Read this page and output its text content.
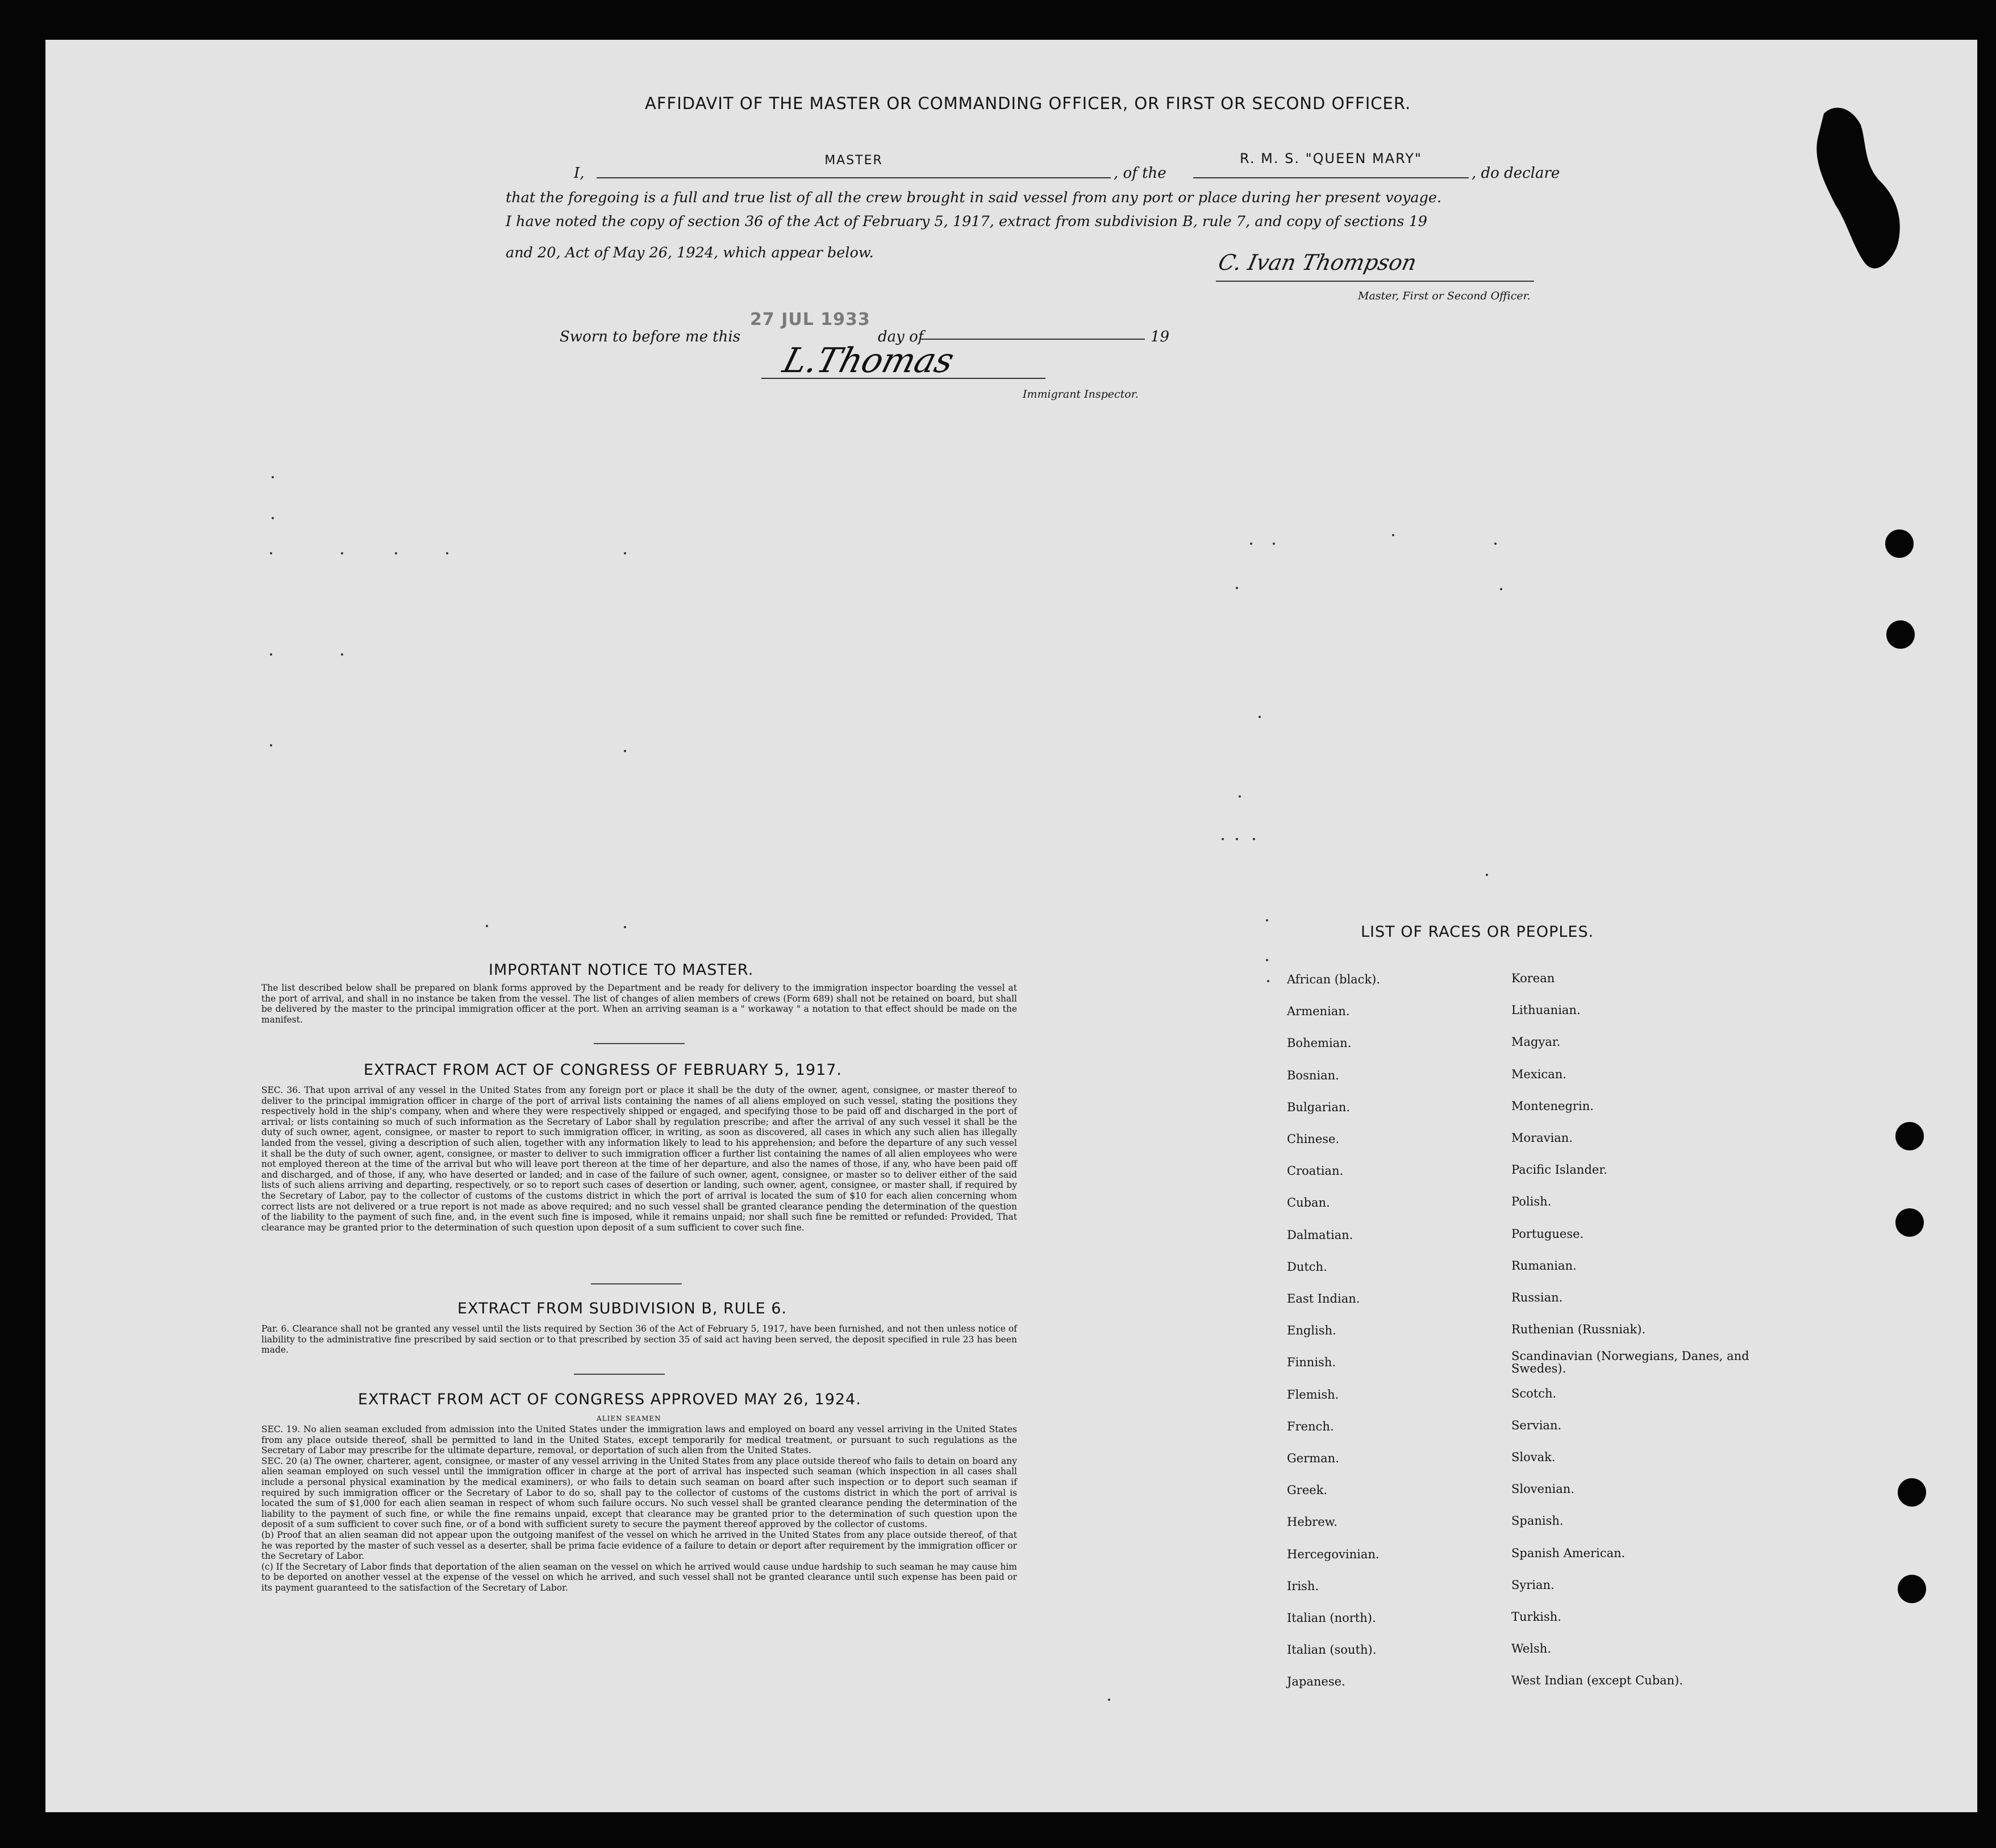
AFFIDAVIT OF THE MASTER OR COMMANDING OFFICER, OR FIRST OR SECOND OFFICER.
I,
MASTER
, of the
R. M. S. "QUEEN MARY"
, do declare
that the foregoing is a full and true list of all the crew brought in said vessel from any port or place during her present voyage.
I have noted the copy of section 36 of the Act of February 5, 1917, extract from subdivision B, rule 7, and copy of sections 19
and 20, Act of May 26, 1924, which appear below.	C. Ivan Thompson
Master, First or Second Officer.
Sworn to before me this
27 JUL 1933
day of	19
L.Thomas
Immigrant Inspector.
IMPORTANT NOTICE TO MASTER.
The list described below shall be prepared on blank forms approved by the Department and be ready for delivery to the immigration inspector boarding the vessel at the port of arrival, and shall in no instance be taken from the vessel. The list of changes of alien members of crews (Form 689) shall not be retained on board, but shall be delivered by the master to the principal immigration officer at the port. When an arriving seaman is a " workaway " a notation to that effect should be made on the manifest.
EXTRACT FROM ACT OF CONGRESS OF FEBRUARY 5, 1917.
SEC. 36. That upon arrival of any vessel in the United States from any foreign port or place it shall be the duty of the owner, agent, consignee, or master thereof to deliver to the principal immigration officer in charge of the port of arrival lists containing the names of all aliens employed on such vessel, stating the positions they respectively hold in the ship's company, when and where they were respectively shipped or engaged, and specifying those to be paid off and discharged in the port of arrival; or lists containing so much of such information as the Secretary of Labor shall by regulation prescribe; and after the arrival of any such vessel it shall be the duty of such owner, agent, consignee, or master to report to such immigration officer, in writing, as soon as discovered, all cases in which any such alien has illegally landed from the vessel, giving a description of such alien, together with any information likely to lead to his apprehension; and before the departure of any such vessel it shall be the duty of such owner, agent, consignee, or master to deliver to such immigration officer a further list containing the names of all alien employees who were not employed thereon at the time of the arrival but who will leave port thereon at the time of her departure, and also the names of those, if any, who have been paid off and discharged, and of those, if any, who have deserted or landed; and in case of the failure of such owner, agent, consignee, or master so to deliver either of the said lists of such aliens arriving and departing, respectively, or so to report such cases of desertion or landing, such owner, agent, consignee, or master shall, if required by the Secretary of Labor, pay to the collector of customs of the customs district in which the port of arrival is located the sum of $10 for each alien concerning whom correct lists are not delivered or a true report is not made as above required; and no such vessel shall be granted clearance pending the determination of the question of the liability to the payment of such fine, and, in the event such fine is imposed, while it remains unpaid; nor shall such fine be remitted or refunded: Provided, That clearance may be granted prior to the determination of such question upon deposit of a sum sufficient to cover such fine.
EXTRACT FROM SUBDIVISION B, RULE 6.
Par. 6. Clearance shall not be granted any vessel until the lists required by Section 36 of the Act of February 5, 1917, have been furnished, and not then unless notice of liability to the administrative fine prescribed by said section or to that prescribed by section 35 of said act having been served, the deposit specified in rule 23 has been made.
EXTRACT FROM ACT OF CONGRESS APPROVED MAY 26, 1924.
ALIEN SEAMEN
SEC. 19. No alien seaman excluded from admission into the United States under the immigration laws and employed on board any vessel arriving in the United States from any place outside thereof, shall be permitted to land in the United States, except temporarily for medical treatment, or pursuant to such regulations as the Secretary of Labor may prescribe for the ultimate departure, removal, or deportation of such alien from the United States.
SEC. 20 (a) The owner, charterer, agent, consignee, or master of any vessel arriving in the United States from any place outside thereof who fails to detain on board any alien seaman employed on such vessel until the immigration officer in charge at the port of arrival has inspected such seaman (which inspection in all cases shall include a personal physical examination by the medical examiners), or who fails to detain such seaman on board after such inspection or to deport such seaman if required by such immigration officer or the Secretary of Labor to do so, shall pay to the collector of customs of the customs district in which the port of arrival is located the sum of $1,000 for each alien seaman in respect of whom such failure occurs. No such vessel shall be granted clearance pending the determination of the liability to the payment of such fine, or while the fine remains unpaid, except that clearance may be granted prior to the determination of such question upon the deposit of a sum sufficient to cover such fine, or of a bond with sufficient surety to secure the payment thereof approved by the collector of customs.
(b) Proof that an alien seaman did not appear upon the outgoing manifest of the vessel on which he arrived in the United States from any place outside thereof, of that he was reported by the master of such vessel as a deserter, shall be prima facie evidence of a failure to detain or deport after requirement by the immigration officer or the Secretary of Labor.
(c) If the Secretary of Labor finds that deportation of the alien seaman on the vessel on which he arrived would cause undue hardship to such seaman he may cause him to be deported on another vessel at the expense of the vessel on which he arrived, and such vessel shall not be granted clearance until such expense has been paid or its payment guaranteed to the satisfaction of the Secretary of Labor.
LIST OF RACES OR PEOPLES.
African (black).
Armenian.
Bohemian.
Bosnian.
Bulgarian.
Chinese.
Croatian.
Cuban.
Dalmatian.
Dutch.
East Indian.
English.
Finnish.
Flemish.
French.
German.
Greek.
Hebrew.
Hercegovinian.
Irish.
Italian (north).
Italian (south).
Japanese.
Korean
Lithuanian.
Magyar.
Mexican.
Montenegrin.
Moravian.
Pacific Islander.
Polish.
Portuguese.
Rumanian.
Russian.
Ruthenian (Russniak).
Scandinavian (Norwegians, Danes, and Swedes).
Scotch.
Servian.
Slovak.
Slovenian.
Spanish.
Spanish American.
Syrian.
Turkish.
Welsh.
West Indian (except Cuban).
